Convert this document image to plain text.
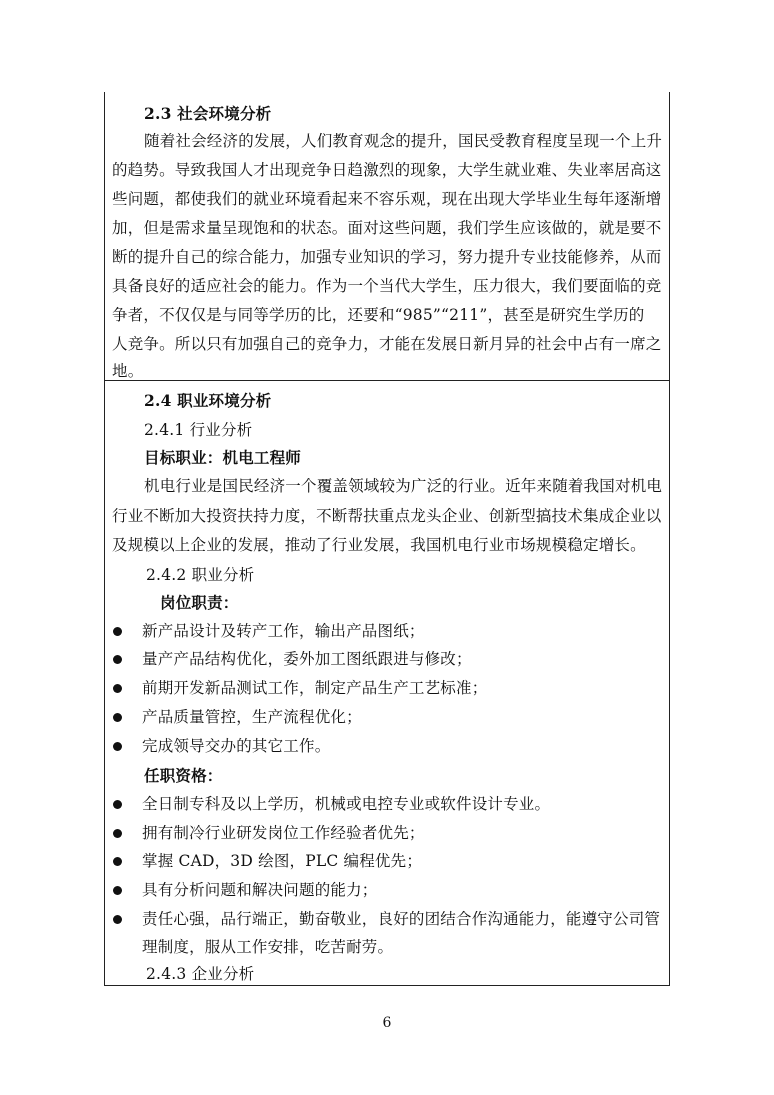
2.3 社会环境分析
随着社会经济的发展，人们教育观念的提升，国民受教育程度呈现一个上升
的趋势。导致我国人才出现竞争日趋激烈的现象，大学生就业难、失业率居高这
些问题，都使我们的就业环境看起来不容乐观，现在出现大学毕业生每年逐渐增
加，但是需求量呈现饱和的状态。面对这些问题，我们学生应该做的，就是要不
断的提升自己的综合能力，加强专业知识的学习，努力提升专业技能修养，从而
具备良好的适应社会的能力。作为一个当代大学生，压力很大，我们要面临的竞
争者，不仅仅是与同等学历的比，还要和“985”“211”，甚至是研究生学历的
人竞争。所以只有加强自己的竞争力，才能在发展日新月异的社会中占有一席之
地。
2.4 职业环境分析
2.4.1 行业分析
目标职业：机电工程师
机电行业是国民经济一个覆盖领域较为广泛的行业。近年来随着我国对机电
行业不断加大投资扶持力度，不断帮扶重点龙头企业、创新型搞技术集成企业以
及规模以上企业的发展，推动了行业发展，我国机电行业市场规模稳定增长。
2.4.2 职业分析
岗位职责：
新产品设计及转产工作，输出产品图纸；
量产产品结构优化，委外加工图纸跟进与修改；
前期开发新品测试工作，制定产品生产工艺标准；
产品质量管控，生产流程优化；
完成领导交办的其它工作。
任职资格：
全日制专科及以上学历，机械或电控专业或软件设计专业。
拥有制冷行业研发岗位工作经验者优先；
掌握 CAD，3D 绘图，PLC 编程优先；
具有分析问题和解决问题的能力；
责任心强，品行端正，勤奋敬业，良好的团结合作沟通能力，能遵守公司管
理制度，服从工作安排，吃苦耐劳。
2.4.3 企业分析
6
